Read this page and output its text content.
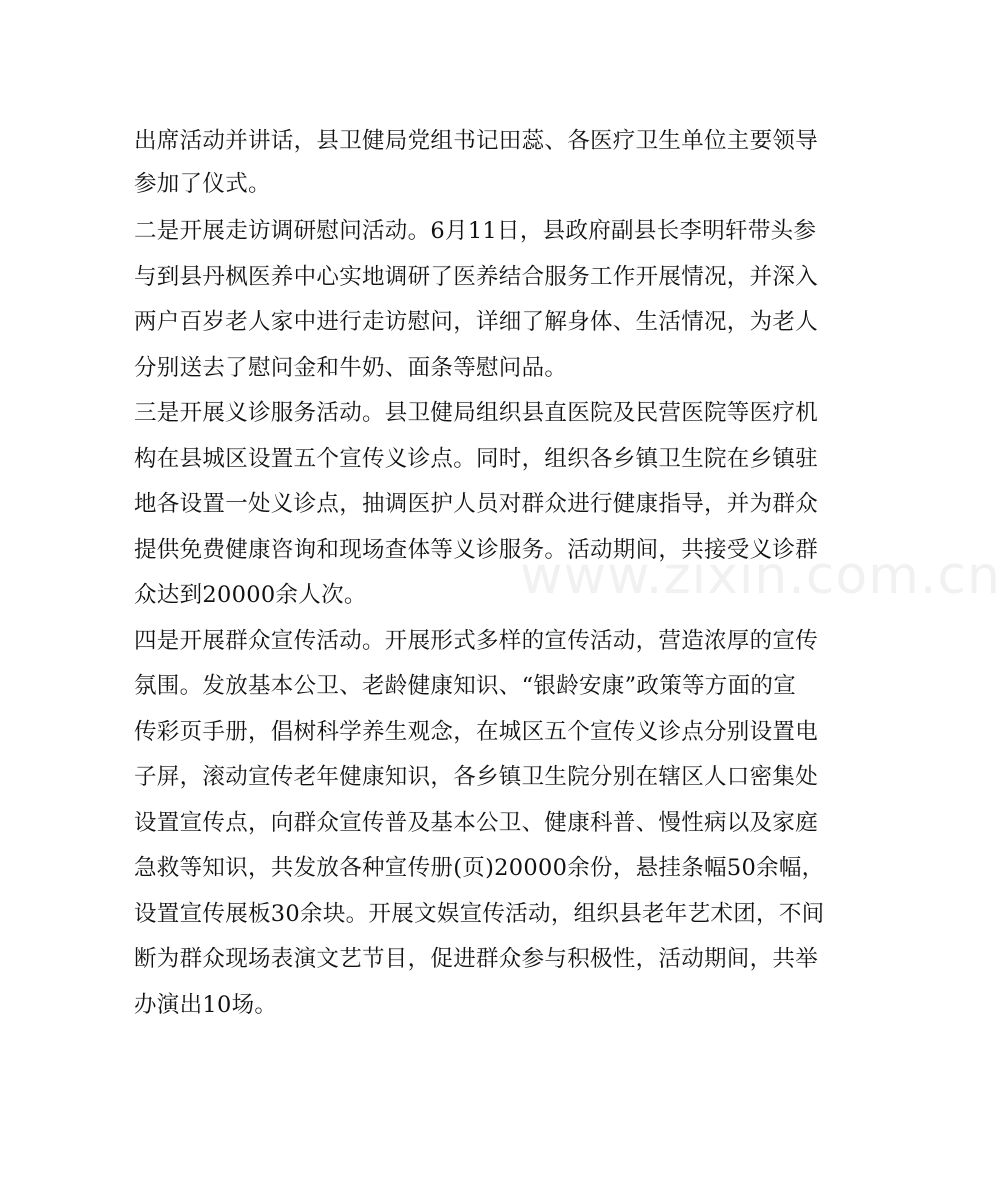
www.zixin.com.cn
出席活动并讲话，县卫健局党组书记田蕊、各医疗卫生单位主要领导
参加了仪式。
二是开展走访调研慰问活动。6月11日，县政府副县长李明轩带头参
与到县丹枫医养中心实地调研了医养结合服务工作开展情况，并深入
两户百岁老人家中进行走访慰问，详细了解身体、生活情况，为老人
分别送去了慰问金和牛奶、面条等慰问品。
三是开展义诊服务活动。县卫健局组织县直医院及民营医院等医疗机
构在县城区设置五个宣传义诊点。同时，组织各乡镇卫生院在乡镇驻
地各设置一处义诊点，抽调医护人员对群众进行健康指导，并为群众
提供免费健康咨询和现场查体等义诊服务。活动期间，共接受义诊群
众达到20000余人次。
四是开展群众宣传活动。开展形式多样的宣传活动，营造浓厚的宣传
氛围。发放基本公卫、老龄健康知识、“银龄安康”政策等方面的宣
传彩页手册，倡树科学养生观念，在城区五个宣传义诊点分别设置电
子屏，滚动宣传老年健康知识，各乡镇卫生院分别在辖区人口密集处
设置宣传点，向群众宣传普及基本公卫、健康科普、慢性病以及家庭
急救等知识，共发放各种宣传册(页)20000余份，悬挂条幅50余幅，
设置宣传展板30余块。开展文娱宣传活动，组织县老年艺术团，不间
断为群众现场表演文艺节目，促进群众参与积极性，活动期间，共举
办演出10场。
